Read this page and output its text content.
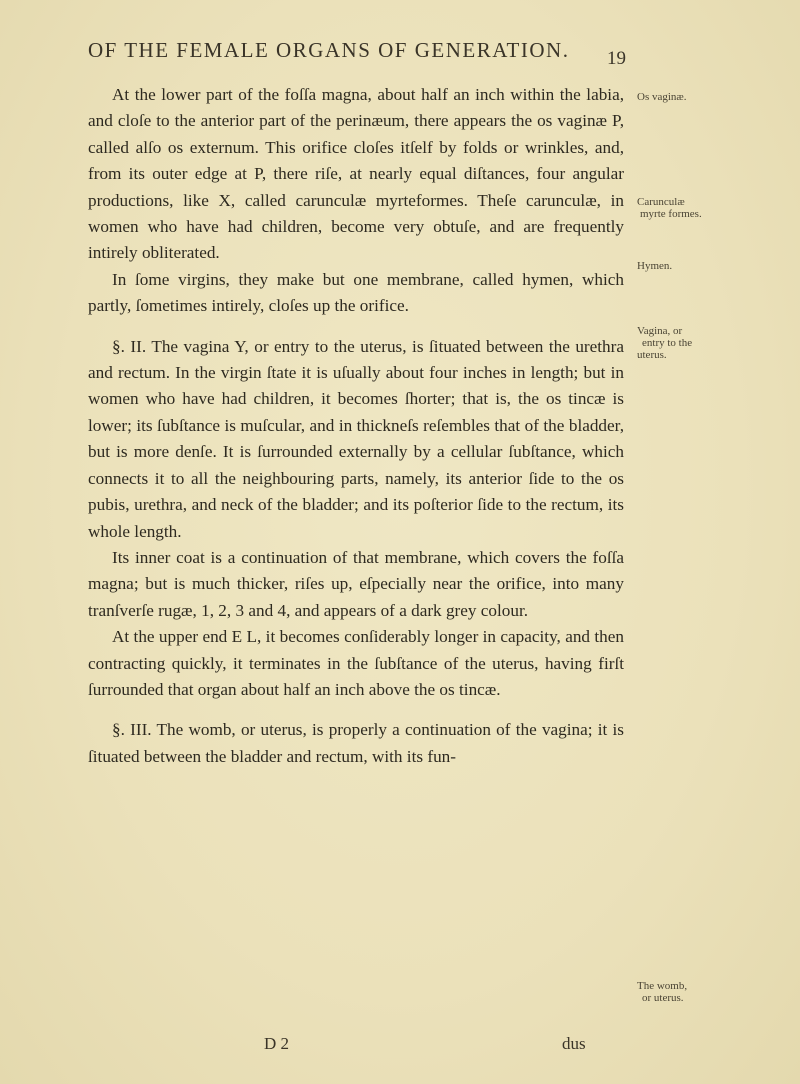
OF THE FEMALE ORGANS OF GENERATION. 19

At the lower part of the foſſa magna, about half an inch within the labia, and cloſe to the anterior part of the perinæum, there appears the os vaginæ P, called alſo os externum. This orifice cloſes itſelf by folds or wrinkles, and, from its outer edge at P, there riſe, at nearly equal diſtances, four angular productions, like X, called carunculæ myrteformes. Theſe carunculæ, in women who have had children, become very obtuſe, and are frequently intirely obliterated.

In ſome virgins, they make but one membrane, called hymen, which partly, ſometimes intirely, cloſes up the orifice.

§. II. The vagina Y, or entry to the uterus, is ſituated between the urethra and rectum. In the virgin ſtate it is uſually about four inches in length; but in women who have had children, it becomes ſhorter; that is, the os tincæ is lower; its ſubſtance is muſcular, and in thickneſs reſembles that of the bladder, but is more denſe. It is ſurrounded externally by a cellular ſubſtance, which connects it to all the neighbouring parts, namely, its anterior ſide to the os pubis, urethra, and neck of the bladder; and its poſterior ſide to the rectum, its whole length.

Its inner coat is a continuation of that membrane, which covers the foſſa magna; but is much thicker, riſes up, eſpecially near the orifice, into many tranſverſe rugæ, 1, 2, 3 and 4, and appears of a dark grey colour.

At the upper end E L, it becomes conſiderably longer in capacity, and then contracting quickly, it terminates in the ſubſtance of the uterus, having firſt ſurrounded that organ about half an inch above the os tincæ.

§. III. The womb, or uterus, is properly a continuation of the vagina; it is ſituated between the bladder and rectum, with its fun-

Os vaginæ.
Carunculæ
myrte formes.
Hymen.
Vagina, or
entry to the
uterus.
The womb,
or uterus.
D 2	dus
